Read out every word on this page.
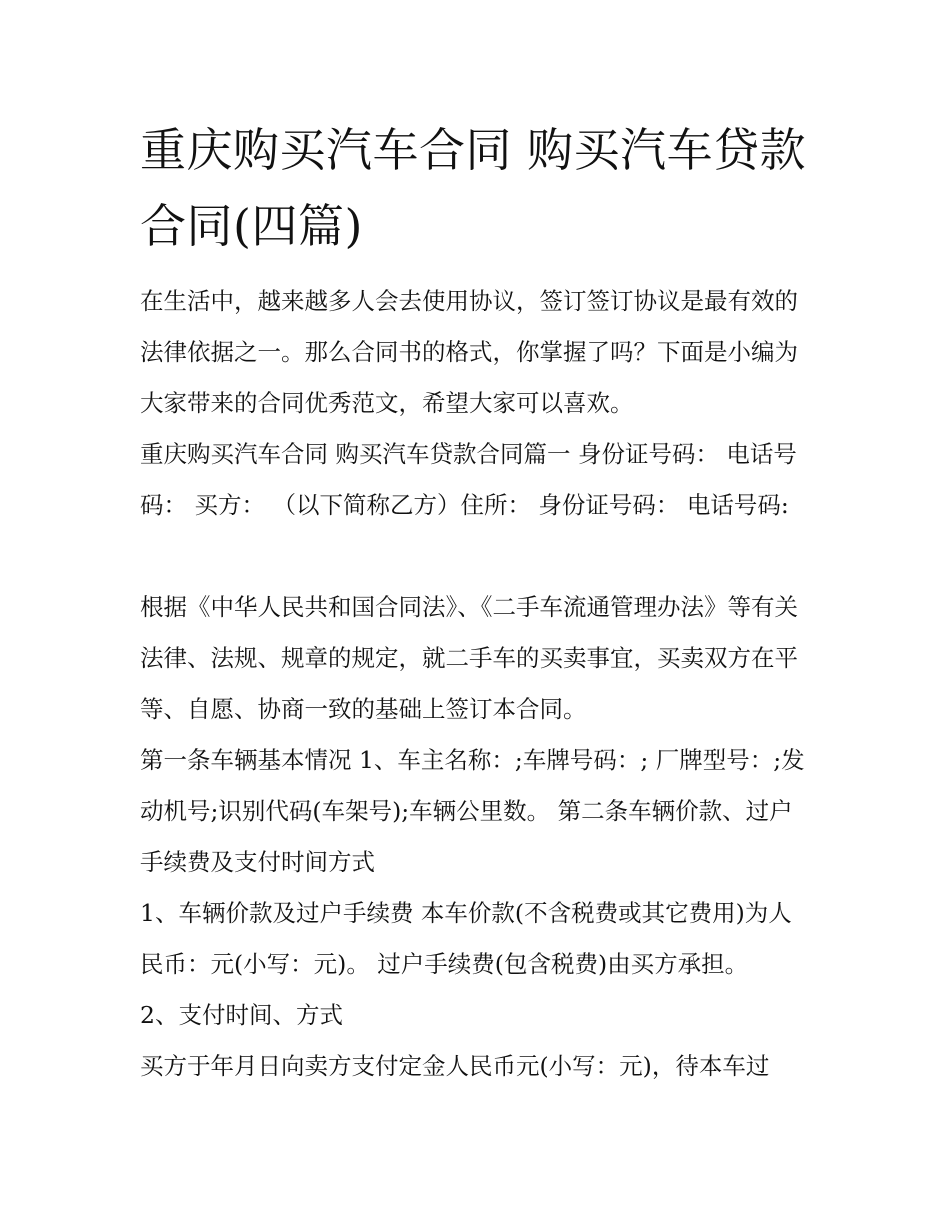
重庆购买汽车合同 购买汽车贷款合同(四篇)

在生活中，越来越多人会去使用协议，签订签订协议是最有效的法律依据之一。那么合同书的格式，你掌握了吗？下面是小编为大家带来的合同优秀范文，希望大家可以喜欢。

重庆购买汽车合同 购买汽车贷款合同篇一 身份证号码： 电话号码： 买方： （以下简称乙方）住所： 身份证号码： 电话号码:

根据《中华人民共和国合同法》、《二手车流通管理办法》等有关法律、法规、规章的规定，就二手车的买卖事宜，买卖双方在平等、自愿、协商一致的基础上签订本合同。

第一条车辆基本情况 1、车主名称：;车牌号码：; 厂牌型号：;发动机号;识别代码(车架号);车辆公里数。 第二条车辆价款、过户手续费及支付时间方式

1、车辆价款及过户手续费 本车价款(不含税费或其它费用)为人民币：元(小写：元)。 过户手续费(包含税费)由买方承担。

2、支付时间、方式

买方于年月日向卖方支付定金人民币元(小写：元)，待本车过
